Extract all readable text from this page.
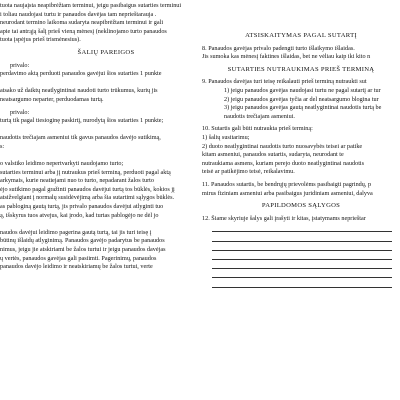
tuota naujaįsta neapibrėžtam terminui, jeigu pasibaigus sutarties terminui
i toliau naudojasi turtu ir panaudos davėjas tam neprieštarauja .
neurodant termino laikoma sudaryta neapibrėžtam terminui ir gali
apie tai antrąją šalį prieš vieną mėnesį (neklinojamo turto panaudos
tuota įspėjus prieš trismėnesius).
ŠALIŲ PAREIGOS
privalo:
perdavimo aktą perduoti panaudos gavėjui šios sutarties 1 punkte

atsako už daiktų neatlygintinai naudoti turto trūkumus, kurių jis
neatsargumo neparter, perduodamas turtą.
privalo:
turtą tik pagal tiesioginę paskirtį, nurodytą šios sutarties 1 punkte;

naudotis trečiajam asmeniui tik gavus panaudos davėjo sutikimą,
s:

o valstiko leidimo nepertvarkyti naudojamo turto;
sutarties terminui arba jį nutraukus prieš terminą, perduoti pagal aktą
arkymais, kurie neatiejami nuo to turto, nepadarant žalos turto
ėjo sutikimo pagal gražinti panaudos davėjui turtą tos būklės, kokios jį
atsižvelgiant į normalų susidėvėjimą arba šia sutartimi sąlygos būklės.
as pabloginą gautą turtą, jis privalo panaudos davėjui atlyginti tuo
ą, išskyrus tuos atvejus, kai įrodo, kad turtas pablogėjo ne dėl jo

naudos davėjui leidimo pagerina gautą turtą, tai jis turi teisę į
būtinų išlaidų atlyginimą. Panaudos gavėjo padarytus be panaudos
nimus, jeigu jie atskiriami be žalos turtui ir jeigu panaudos davėjas
ų vertės, panaudos gavėjas gali pasiimti. Pagerinimų, panaudos
panaudos davėjo leidimo ir neatskiriamų be žalos turtui, verte
ATSISKAITYMAS PAGAL SUTARTĮ
8. Panaudos gavėjas privalo padengti turto išlaikymo išlaidas.
Jis sumoka kas mėnesį faktines išlaidas, bet ne vėliau kaip iki kito n
SUTARTIES NUTRAUKIMAS PRIEŠ TERMINĄ
9. Panaudos davėjas turi teisę reikalauti prieš terminą nutraukti sut
1) jeigu panaudos gavėjas naudojasi turtu ne pagal sutartį ar tur
2) jeigu panaudos gavėjas tyčia ar del neatsargumo blogina tur
3) jeigu panaudos gavėjas gautą neatlygintinai naudotis turtą be
naudotis trečiajam asmeniui.
10. Sutartis gali būti nutraukta prieš terminą:
1) šalių susitarimu;
2) duoto neatlygintinai naudotis turto nuosavybės teisei ar patike
kitam asmeniui, panaudos sutartis, sudaryta, neurodant te
nutraukiama asmens, kuriam perejo duoto neatlygintinai naudotis
teisė ar patikėjimo teisė, reikalavimu.
11. Panaudos sutartis, be bendrųjų prievolėms pasibaigti pagrindų, p
mirus fiziniam asmeniui arba pasibaigus juridiniam asmeniui, dalyva
PAPILDOMOS SĄLYGOS
12. Šiame skyriuje šalys gali įrašyti ir kitas, įstatymams neprieštar
